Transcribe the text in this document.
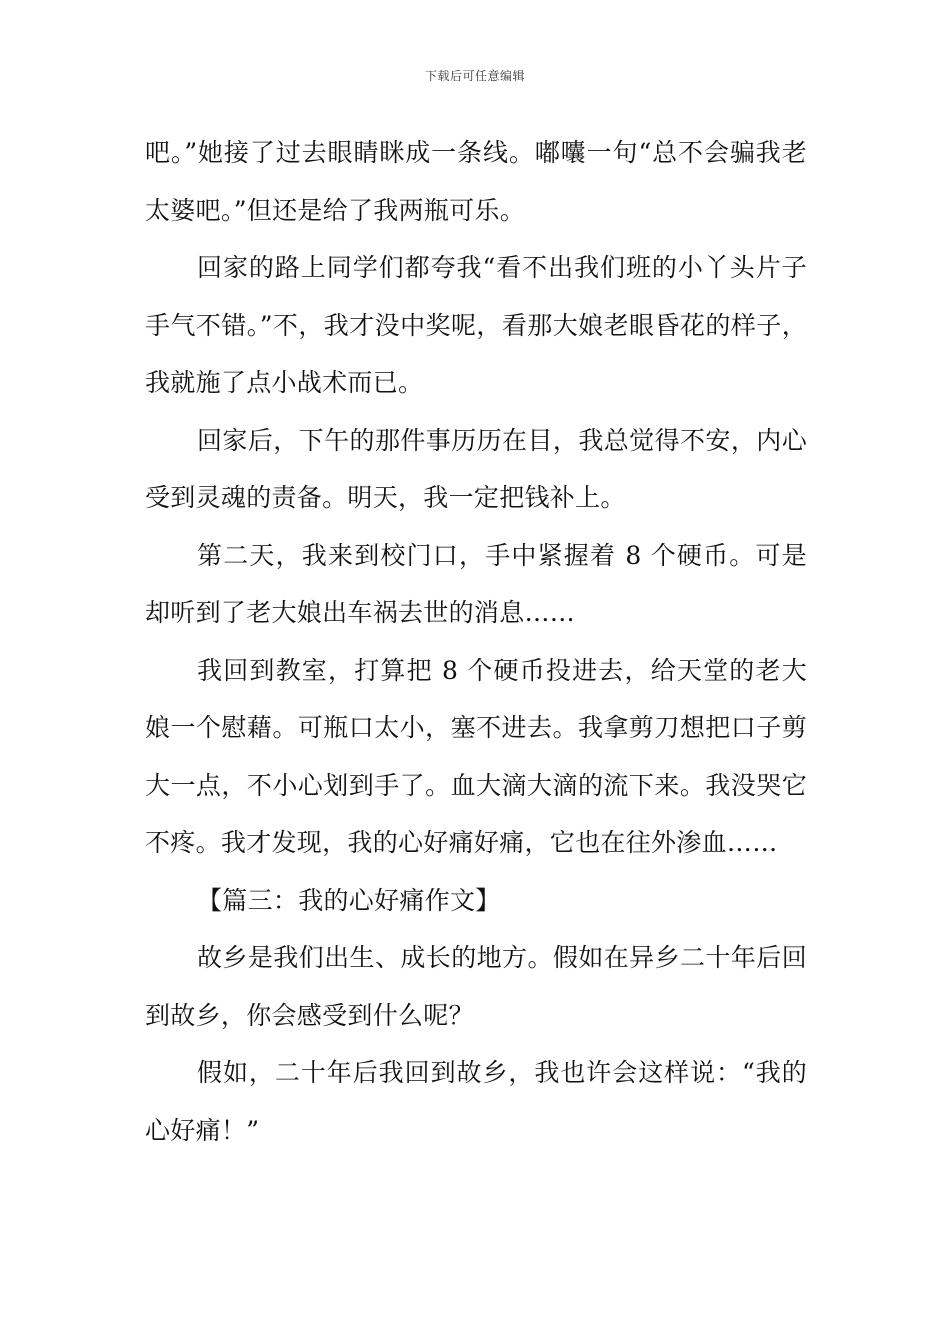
下载后可任意编辑

吧。”她接了过去眼睛眯成一条线。嘟囔一句“总不会骗我老太婆吧。”但还是给了我两瓶可乐。

回家的路上同学们都夸我“看不出我们班的小丫头片子手气不错。”不，我才没中奖呢，看那大娘老眼昏花的样子，我就施了点小战术而已。

回家后，下午的那件事历历在目，我总觉得不安，内心受到灵魂的责备。明天，我一定把钱补上。

第二天，我来到校门口，手中紧握着 8 个硬币。可是却听到了老大娘出车祸去世的消息……

我回到教室，打算把 8 个硬币投进去，给天堂的老大娘一个慰藉。可瓶口太小，塞不进去。我拿剪刀想把口子剪大一点，不小心划到手了。血大滴大滴的流下来。我没哭它不疼。我才发现，我的心好痛好痛，它也在往外渗血……

【篇三：我的心好痛作文】

故乡是我们出生、成长的地方。假如在异乡二十年后回到故乡，你会感受到什么呢？

假如，二十年后我回到故乡，我也许会这样说：“我的心好痛！”
